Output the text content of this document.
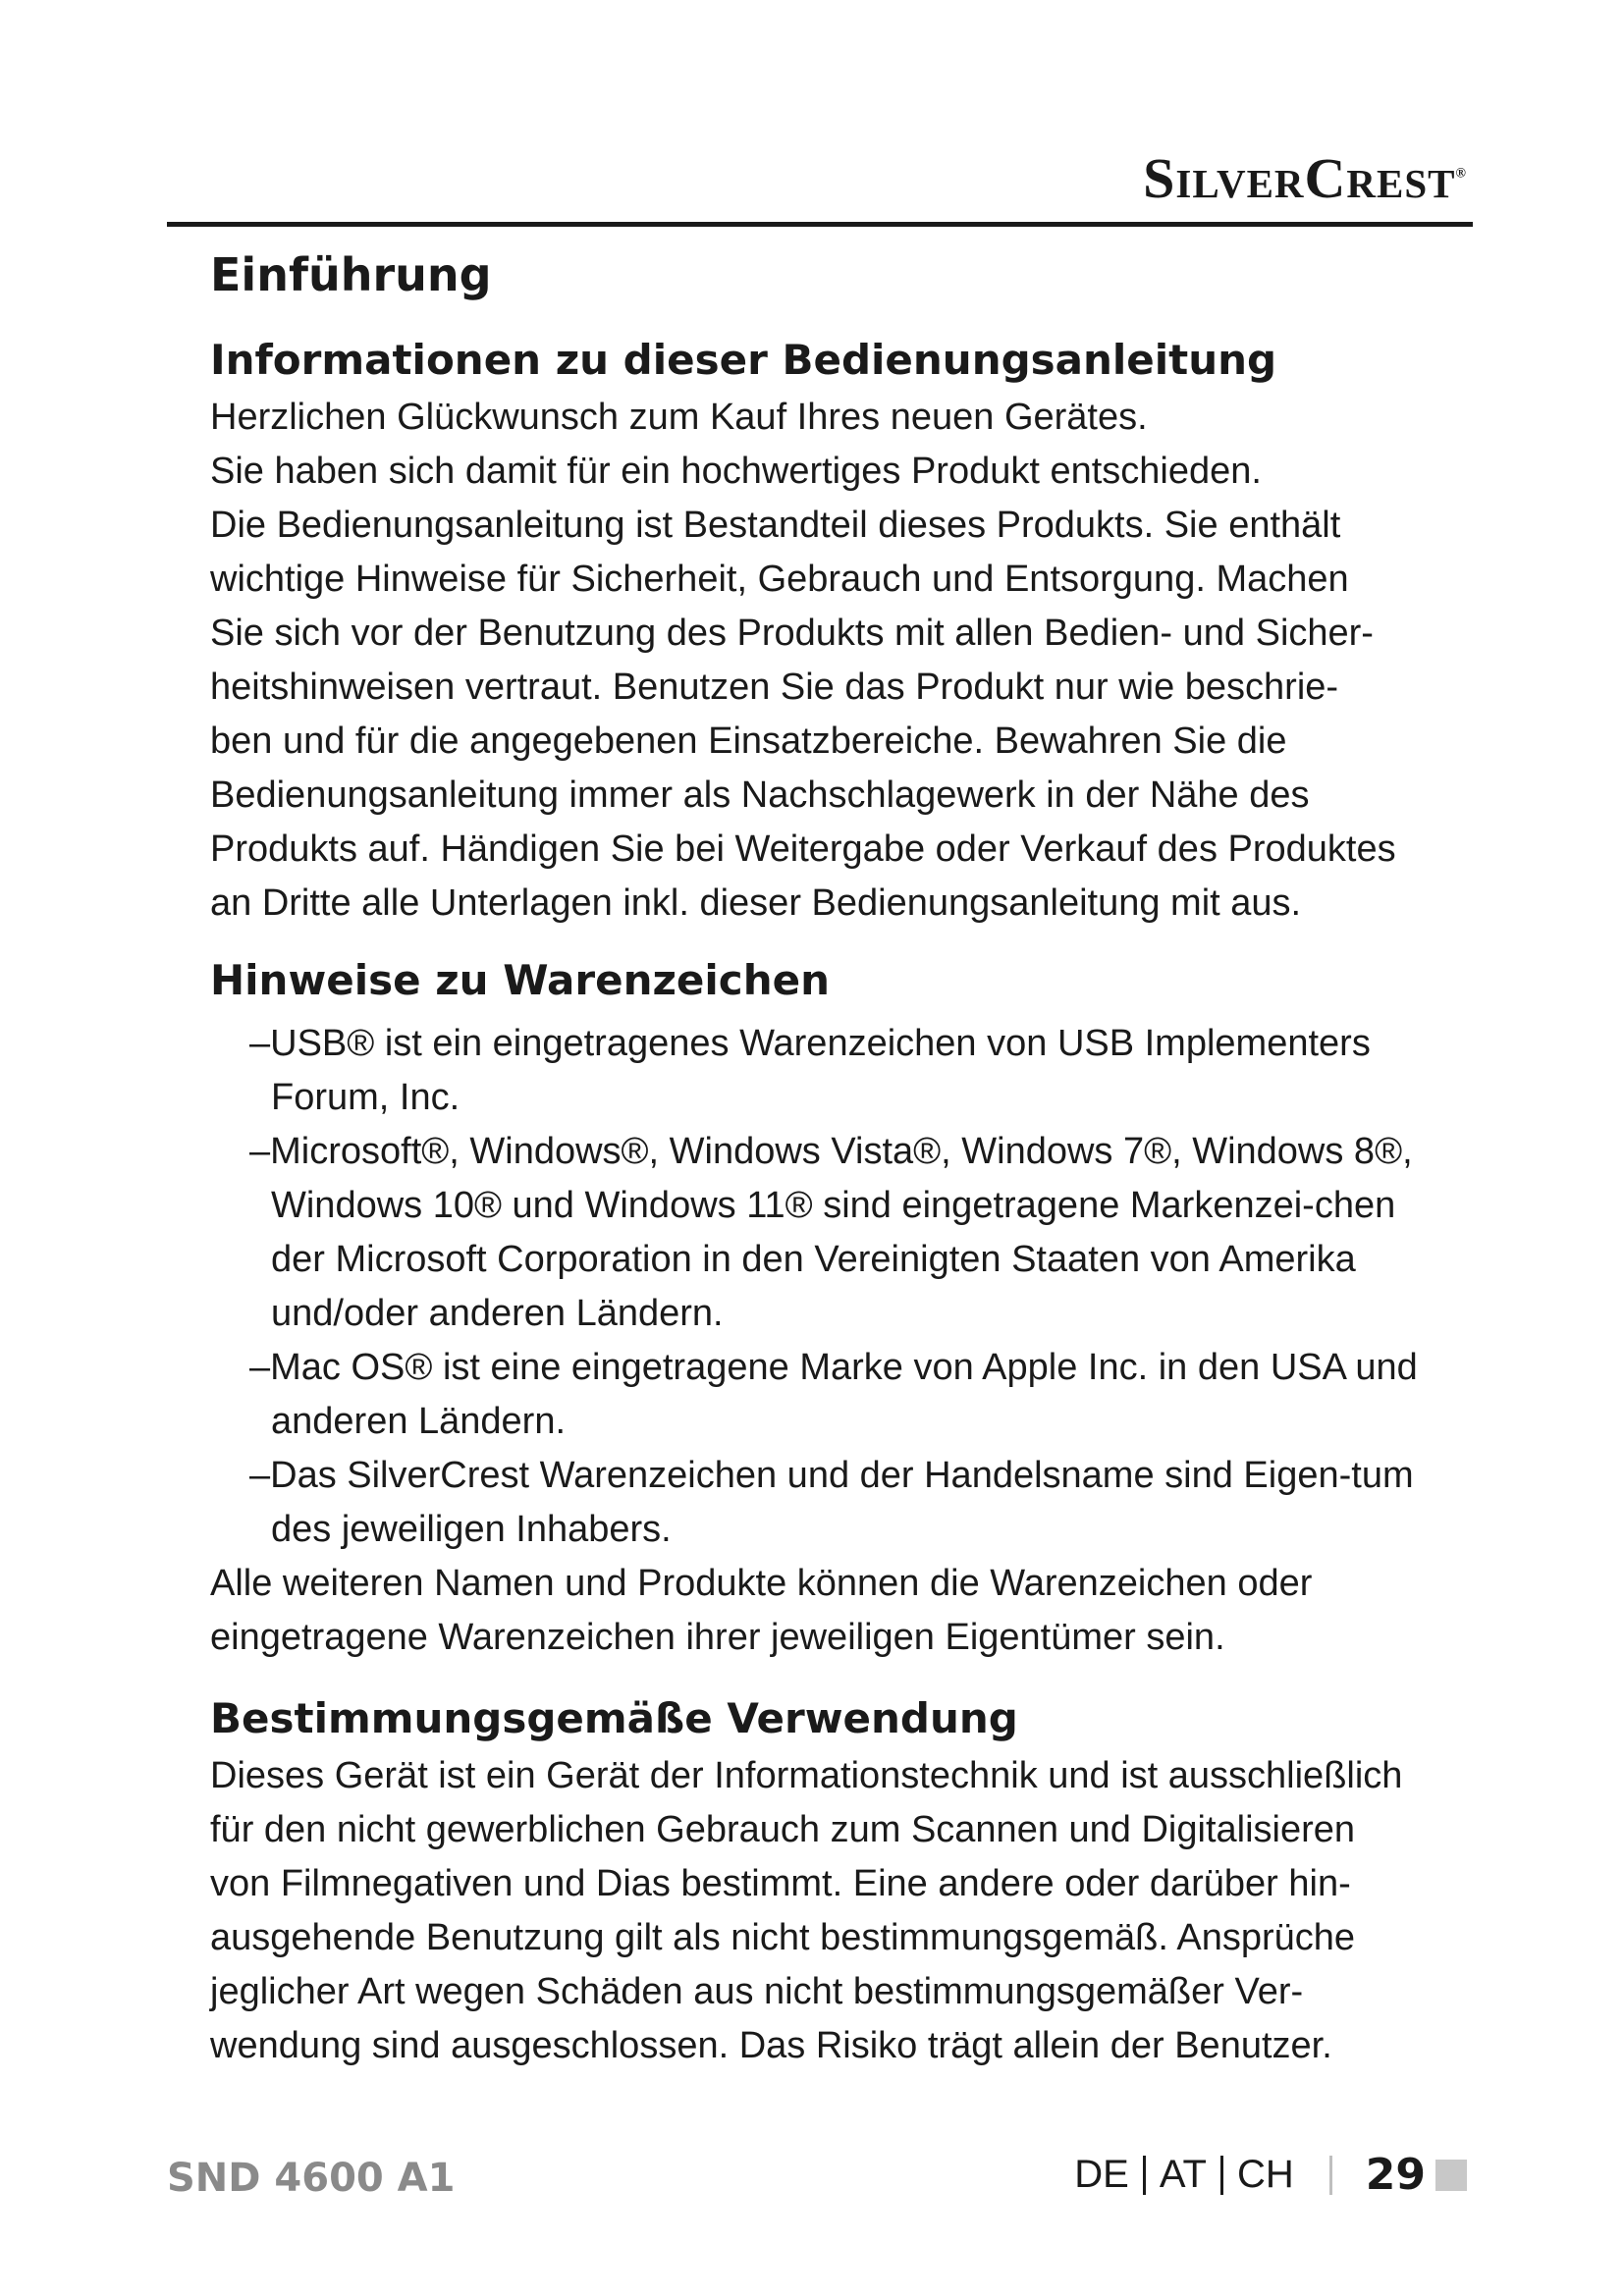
SilverCrest®
Einführung
Informationen zu dieser Bedienungsanleitung

Herzlichen Glückwunsch zum Kauf Ihres neuen Gerätes.

Sie haben sich damit für ein hochwertiges Produkt entschieden.

Die Bedienungsanleitung ist Bestandteil dieses Produkts. Sie enthält

wichtige Hinweise für Sicherheit, Gebrauch und Entsorgung. Machen

Sie sich vor der Benutzung des Produkts mit allen Bedien- und Sicher-

heitshinweisen vertraut. Benutzen Sie das Produkt nur wie beschrie-

ben und für die angegebenen Einsatzbereiche. Bewahren Sie die

Bedienungsanleitung immer als Nachschlagewerk in der Nähe des

Produkts auf. Händigen Sie bei Weitergabe oder Verkauf des Produktes

an Dritte alle Unterlagen inkl. dieser Bedienungsanleitung mit aus.

Hinweise zu Warenzeichen
–USB® ist ein eingetragenes Warenzeichen von USB Implementers Forum, Inc.
–Microsoft®, Windows®, Windows Vista®, Windows 7®, Windows 8®, Windows 10® und Windows 11® sind eingetragene Markenzei-chen der Microsoft Corporation in den Vereinigten Staaten von Amerika und/oder anderen Ländern.
–Mac OS® ist eine eingetragene Marke von Apple Inc. in den USA und anderen Ländern.
–Das SilverCrest Warenzeichen und der Handelsname sind Eigen-tum des jeweiligen Inhabers.

Alle weiteren Namen und Produkte können die Warenzeichen oder

eingetragene Warenzeichen ihrer jeweiligen Eigentümer sein.

Bestimmungsgemäße Verwendung

Dieses Gerät ist ein Gerät der Informationstechnik und ist ausschließlich

für den nicht gewerblichen Gebrauch zum Scannen und Digitalisieren

von Filmnegativen und Dias bestimmt. Eine andere oder darüber hin-

ausgehende Benutzung gilt als nicht bestimmungsgemäß. Ansprüche

jeglicher Art wegen Schäden aus nicht bestimmungsgemäßer Ver-

wendung sind ausgeschlossen. Das Risiko trägt allein der Benutzer.

SND 4600 A1	DE AT CH 29
